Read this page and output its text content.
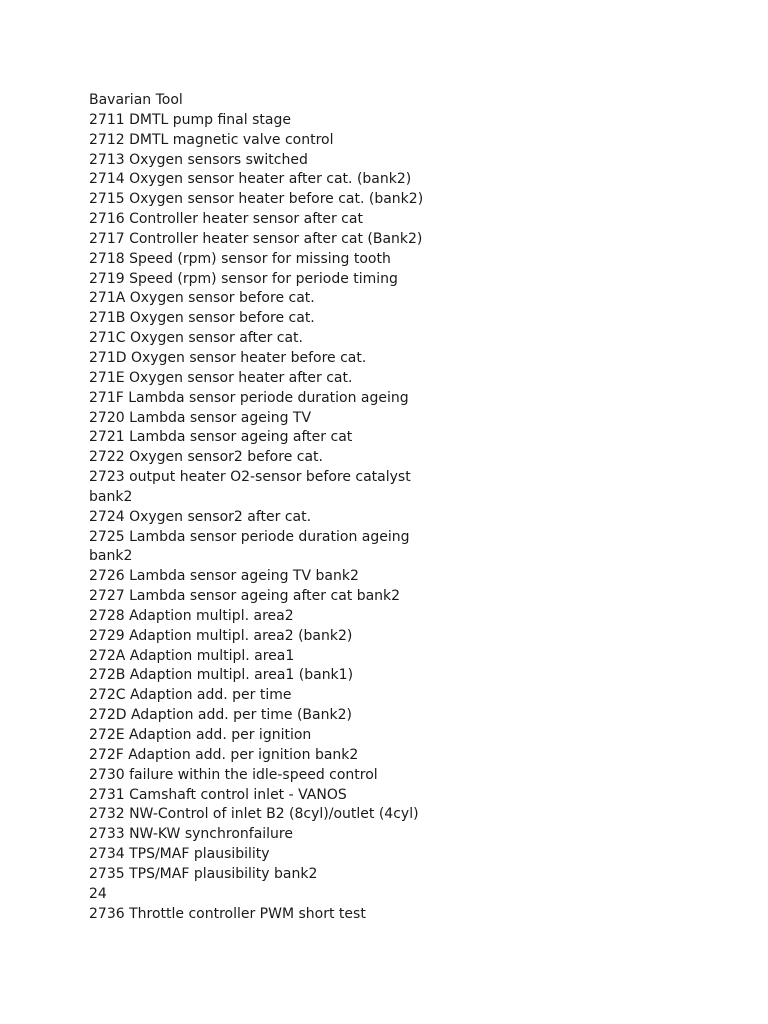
Bavarian Tool
2711 DMTL pump final stage
2712 DMTL magnetic valve control
2713 Oxygen sensors switched
2714 Oxygen sensor heater after cat. (bank2)
2715 Oxygen sensor heater before cat. (bank2)
2716 Controller heater sensor after cat
2717 Controller heater sensor after cat (Bank2)
2718 Speed (rpm) sensor for missing tooth
2719 Speed (rpm) sensor for periode timing
271A Oxygen sensor before cat.
271B Oxygen sensor before cat.
271C Oxygen sensor after cat.
271D Oxygen sensor heater before cat.
271E Oxygen sensor heater after cat.
271F Lambda sensor periode duration ageing
2720 Lambda sensor ageing TV
2721 Lambda sensor ageing after cat
2722 Oxygen sensor2 before cat.
2723 output heater O2-sensor before catalyst
bank2
2724 Oxygen sensor2 after cat.
2725 Lambda sensor periode duration ageing
bank2
2726 Lambda sensor ageing TV bank2
2727 Lambda sensor ageing after cat bank2
2728 Adaption multipl. area2
2729 Adaption multipl. area2 (bank2)
272A Adaption multipl. area1
272B Adaption multipl. area1 (bank1)
272C Adaption add. per time
272D Adaption add. per time (Bank2)
272E Adaption add. per ignition
272F Adaption add. per ignition bank2
2730 failure within the idle-speed control
2731 Camshaft control inlet - VANOS
2732 NW-Control of inlet B2 (8cyl)/outlet (4cyl)
2733 NW-KW synchronfailure
2734 TPS/MAF plausibility
2735 TPS/MAF plausibility bank2
24
2736 Throttle controller PWM short test
